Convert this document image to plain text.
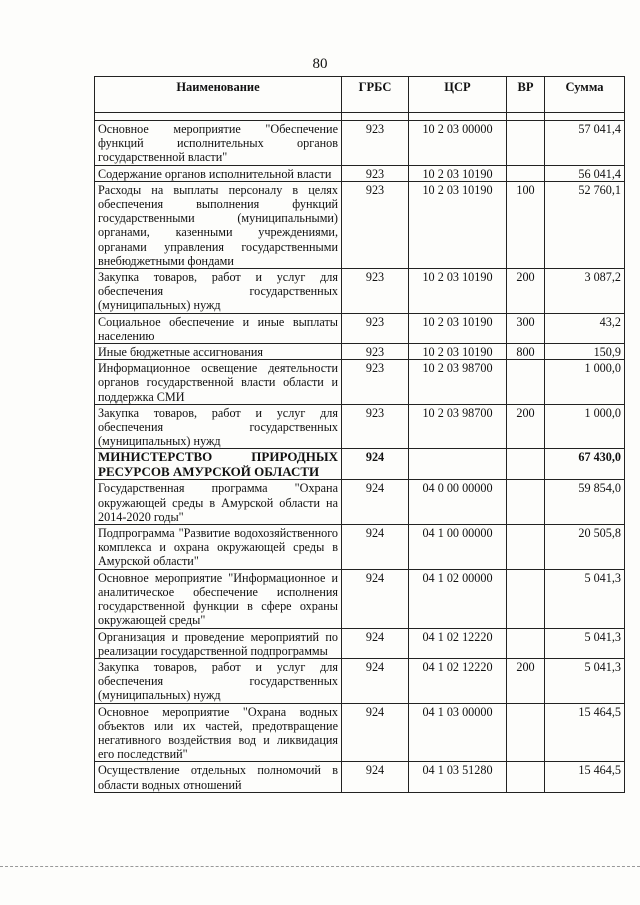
80
Наименование	ГРБС	ЦСР	ВР	Сумма

Основное мероприятие "Обеспечение функций исполнительных органов государственной власти"	923	10 2 03 00000		57 041,4
Содержание органов исполнительной власти	923	10 2 03 10190		56 041,4
Расходы на выплаты персоналу в целях обеспечения выполнения функций государственными (муниципальными) органами, казенными учреждениями, органами управления государственными внебюджетными фондами	923	10 2 03 10190	100	52 760,1
Закупка товаров, работ и услуг для обеспечения государственных (муниципальных) нужд	923	10 2 03 10190	200	3 087,2
Социальное обеспечение и иные выплаты населению	923	10 2 03 10190	300	43,2
Иные бюджетные ассигнования	923	10 2 03 10190	800	150,9
Информационное освещение деятельности органов государственной власти области и поддержка СМИ	923	10 2 03 98700		1 000,0
Закупка товаров, работ и услуг для обеспечения государственных (муниципальных) нужд	923	10 2 03 98700	200	1 000,0
МИНИСТЕРСТВО ПРИРОДНЫХ РЕСУРСОВ АМУРСКОЙ ОБЛАСТИ	924			67 430,0
Государственная программа "Охрана окружающей среды в Амурской области на 2014-2020 годы"	924	04 0 00 00000		59 854,0
Подпрограмма "Развитие водохозяйственного комплекса и охрана окружающей среды в Амурской области"	924	04 1 00 00000		20 505,8
Основное мероприятие "Информационное и аналитическое обеспечение исполнения государственной функции в сфере охраны окружающей среды"	924	04 1 02 00000		5 041,3
Организация и проведение мероприятий по реализации государственной подпрограммы	924	04 1 02 12220		5 041,3
Закупка товаров, работ и услуг для обеспечения государственных (муниципальных) нужд	924	04 1 02 12220	200	5 041,3
Основное мероприятие "Охрана водных объектов или их частей, предотвращение негативного воздействия вод и ликвидация его последствий"	924	04 1 03 00000		15 464,5
Осуществление отдельных полномочий в области водных отношений	924	04 1 03 51280		15 464,5
